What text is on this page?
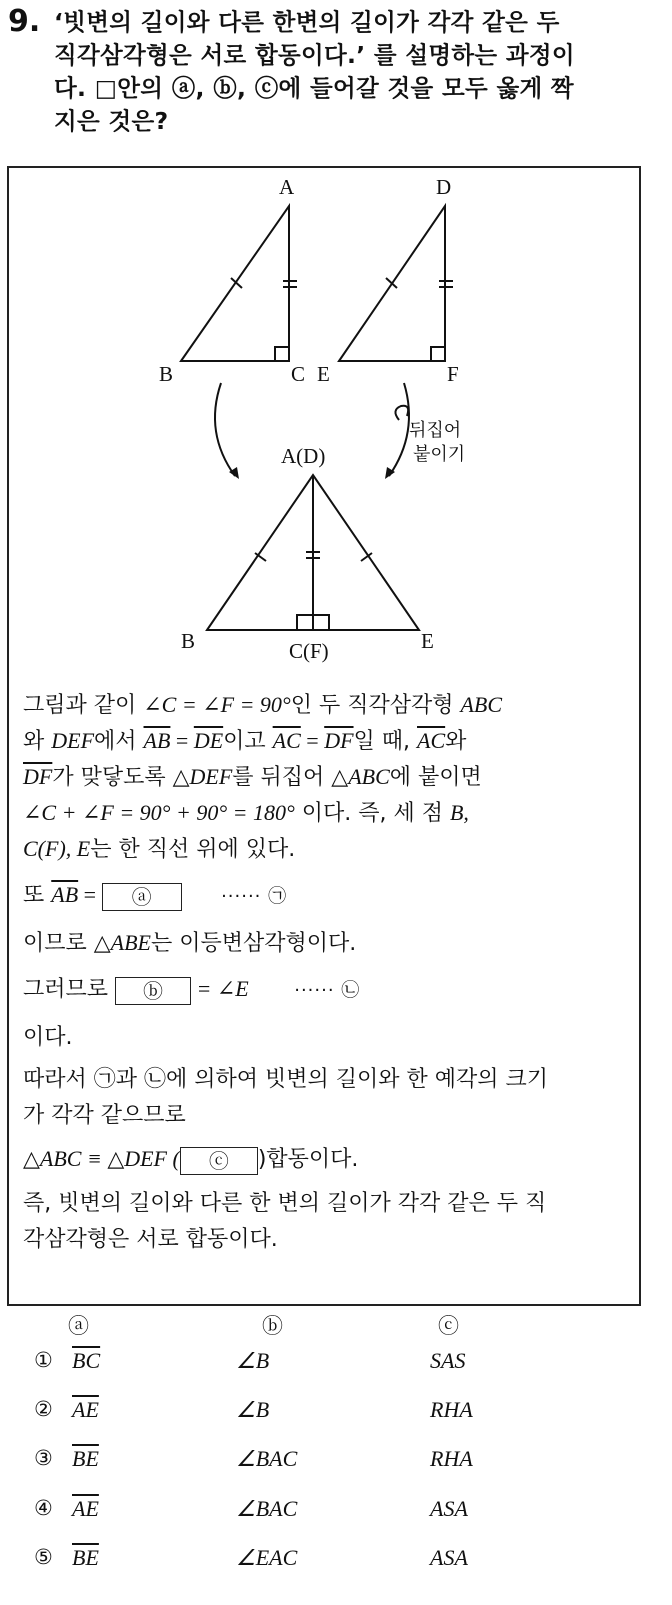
9. ‘빗변의 길이와 다른 한변의 길이가 각각 같은 두
직각삼각형은 서로 합동이다.’ 를 설명하는 과정이
다. □안의 ⓐ, ⓑ, ⓒ에 들어갈 것을 모두 옳게 짝
지은 것은?
A
B	C
D
E	F
A(D)
B	C(F)	E
뒤집어
붙이기
그림과 같이 ∠C = ∠F = 90°인 두 직각삼각형 ABC
와 DEF에서 $\overline{AB} = \overline{DE}$이고 $\overline{AC} = \overline{DF}$일 때, $\overline{AC}$와
$\overline{DF}$가 맞닿도록 △DEF를 뒤집어 △ABC에 붙이면
∠C + ∠F = 90° + 90° = 180° 이다. 즉, 세 점 B,
C(F), E는 한 직선 위에 있다.
또 $\overline{AB}$ = ⓐ	······ ㉠
이므로 △ABE는 이등변삼각형이다.
그러므로 ⓑ = ∠E	······ ㉡
이다.
따라서 ㉠과 ㉡에 의하여 빗변의 길이와 한 예각의 크기
가 각각 같으므로
△ABC ≡ △DEF ( ⓒ )합동이다.
즉, 빗변의 길이와 다른 한 변의 길이가 각각 같은 두 직
각삼각형은 서로 합동이다.
ⓐ	ⓑ	ⓒ
① $\overline{BC}$	∠B	SAS
② $\overline{AE}$	∠B	RHA
③ $\overline{BE}$	∠BAC	RHA
④ $\overline{AE}$	∠BAC	ASA
⑤ $\overline{BE}$	∠EAC	ASA
